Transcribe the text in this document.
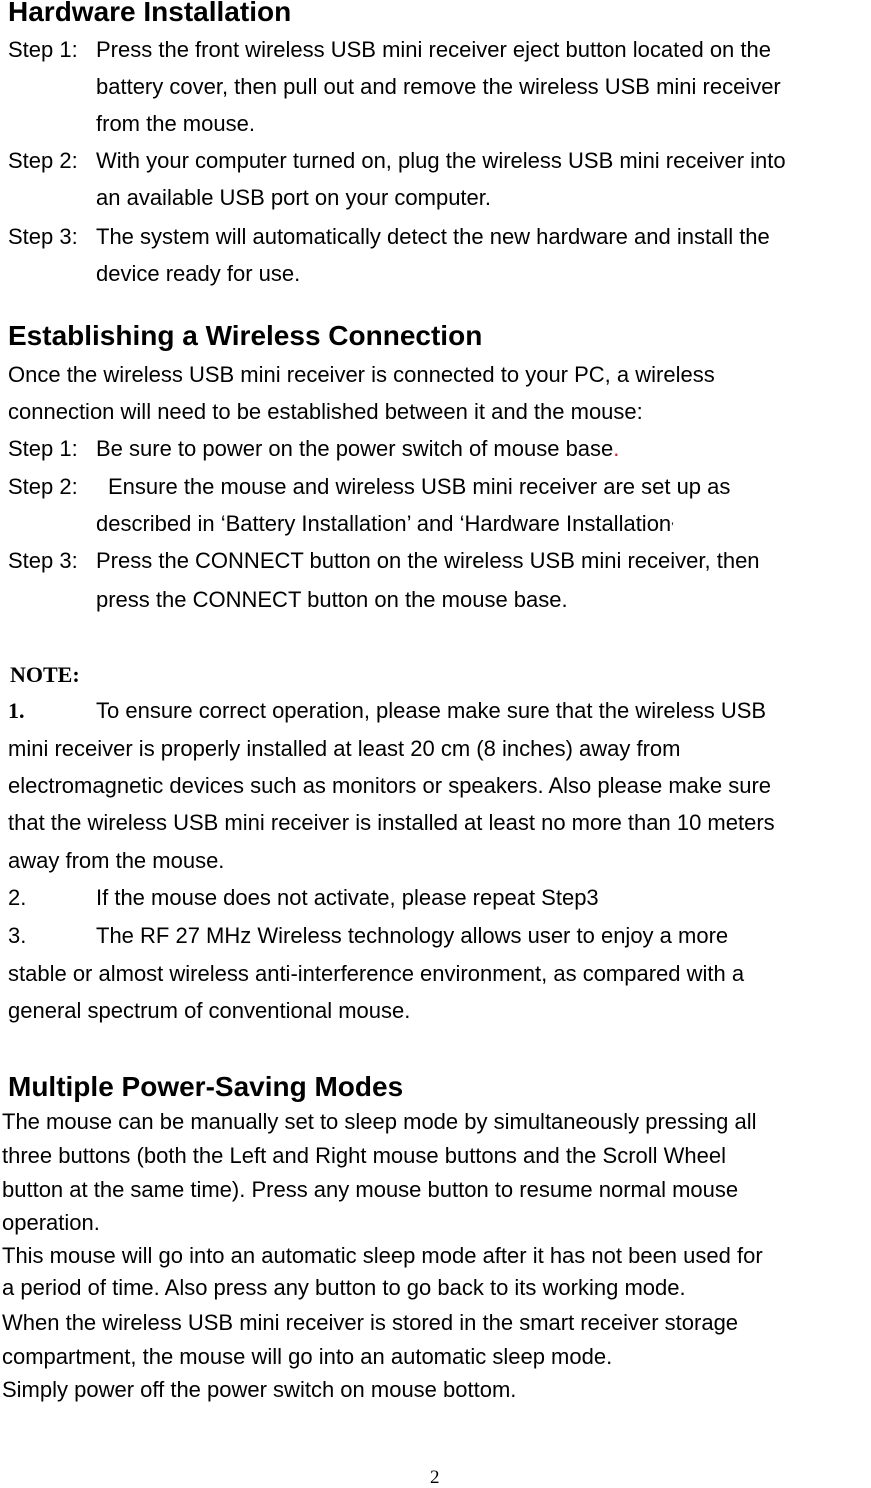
Hardware Installation
Step 1: Press the front wireless USB mini receiver eject button located on the
battery cover, then pull out and remove the wireless USB mini receiver
from the mouse.
Step 2: With your computer turned on, plug the wireless USB mini receiver into
an available USB port on your computer.
Step 3: The system will automatically detect the new hardware and install the
device ready for use.
Establishing a Wireless Connection
Once the wireless USB mini receiver is connected to your PC, a wireless
connection will need to be established between it and the mouse:
Step 1: Be sure to power on the power switch of mouse base.
Step 2: Ensure the mouse and wireless USB mini receiver are set up as
described in ‘Battery Installation’ and ‘Hardware Installation’
Step 3: Press the CONNECT button on the wireless USB mini receiver, then
press the CONNECT button on the mouse base.
NOTE:
1.	To ensure correct operation, please make sure that the wireless USB
mini receiver is properly installed at least 20 cm (8 inches) away from
electromagnetic devices such as monitors or speakers. Also please make sure
that the wireless USB mini receiver is installed at least no more than 10 meters
away from the mouse.
2.	If the mouse does not activate, please repeat Step3
3.	The RF 27 MHz Wireless technology allows user to enjoy a more
stable or almost wireless anti-interference environment, as compared with a
general spectrum of conventional mouse.
Multiple Power-Saving Modes
The mouse can be manually set to sleep mode by simultaneously pressing all
three buttons (both the Left and Right mouse buttons and the Scroll Wheel
button at the same time). Press any mouse button to resume normal mouse
operation.
This mouse will go into an automatic sleep mode after it has not been used for
a period of time. Also press any button to go back to its working mode.
When the wireless USB mini receiver is stored in the smart receiver storage
compartment, the mouse will go into an automatic sleep mode.
Simply power off the power switch on mouse bottom.
2
